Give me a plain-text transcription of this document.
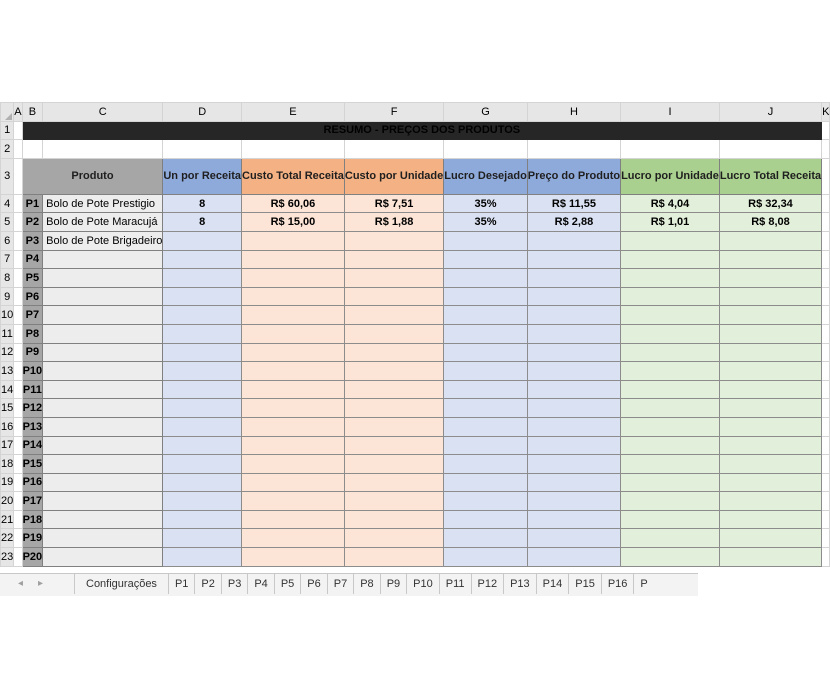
	A	B	C	D	E	F	G	H	I	J	K
1		RESUMO - PREÇOS DOS PRODUTOS									
2											
3		Produto		Un por Receita	Custo Total Receita	Custo por Unidade	Lucro Desejado	Preço do Produto	Lucro por Unidade	Lucro Total Receita	
4		P1	Bolo de Pote Prestigio	8	R$ 60,06	R$ 7,51	35%	R$ 11,55	R$ 4,04	R$ 32,34	
5		P2	Bolo de Pote Maracujá	8	R$ 15,00	R$ 1,88	35%	R$ 2,88	R$ 1,01	R$ 8,08	
6		P3	Bolo de Pote Brigadeiro								
7		P4									
8		P5									
9		P6									
10		P7									
11		P8									
12		P9									
13		P10									
14		P11									
15		P12									
16		P13									
17		P14									
18		P15									
19		P16									
20		P17									
21		P18									
22		P19									
23		P20									
◂ ▸	Configurações	P1	P2	P3	P4	P5	P6	P7	P8	P9	P10	P11	P12	P13	P14	P15	P16	P
